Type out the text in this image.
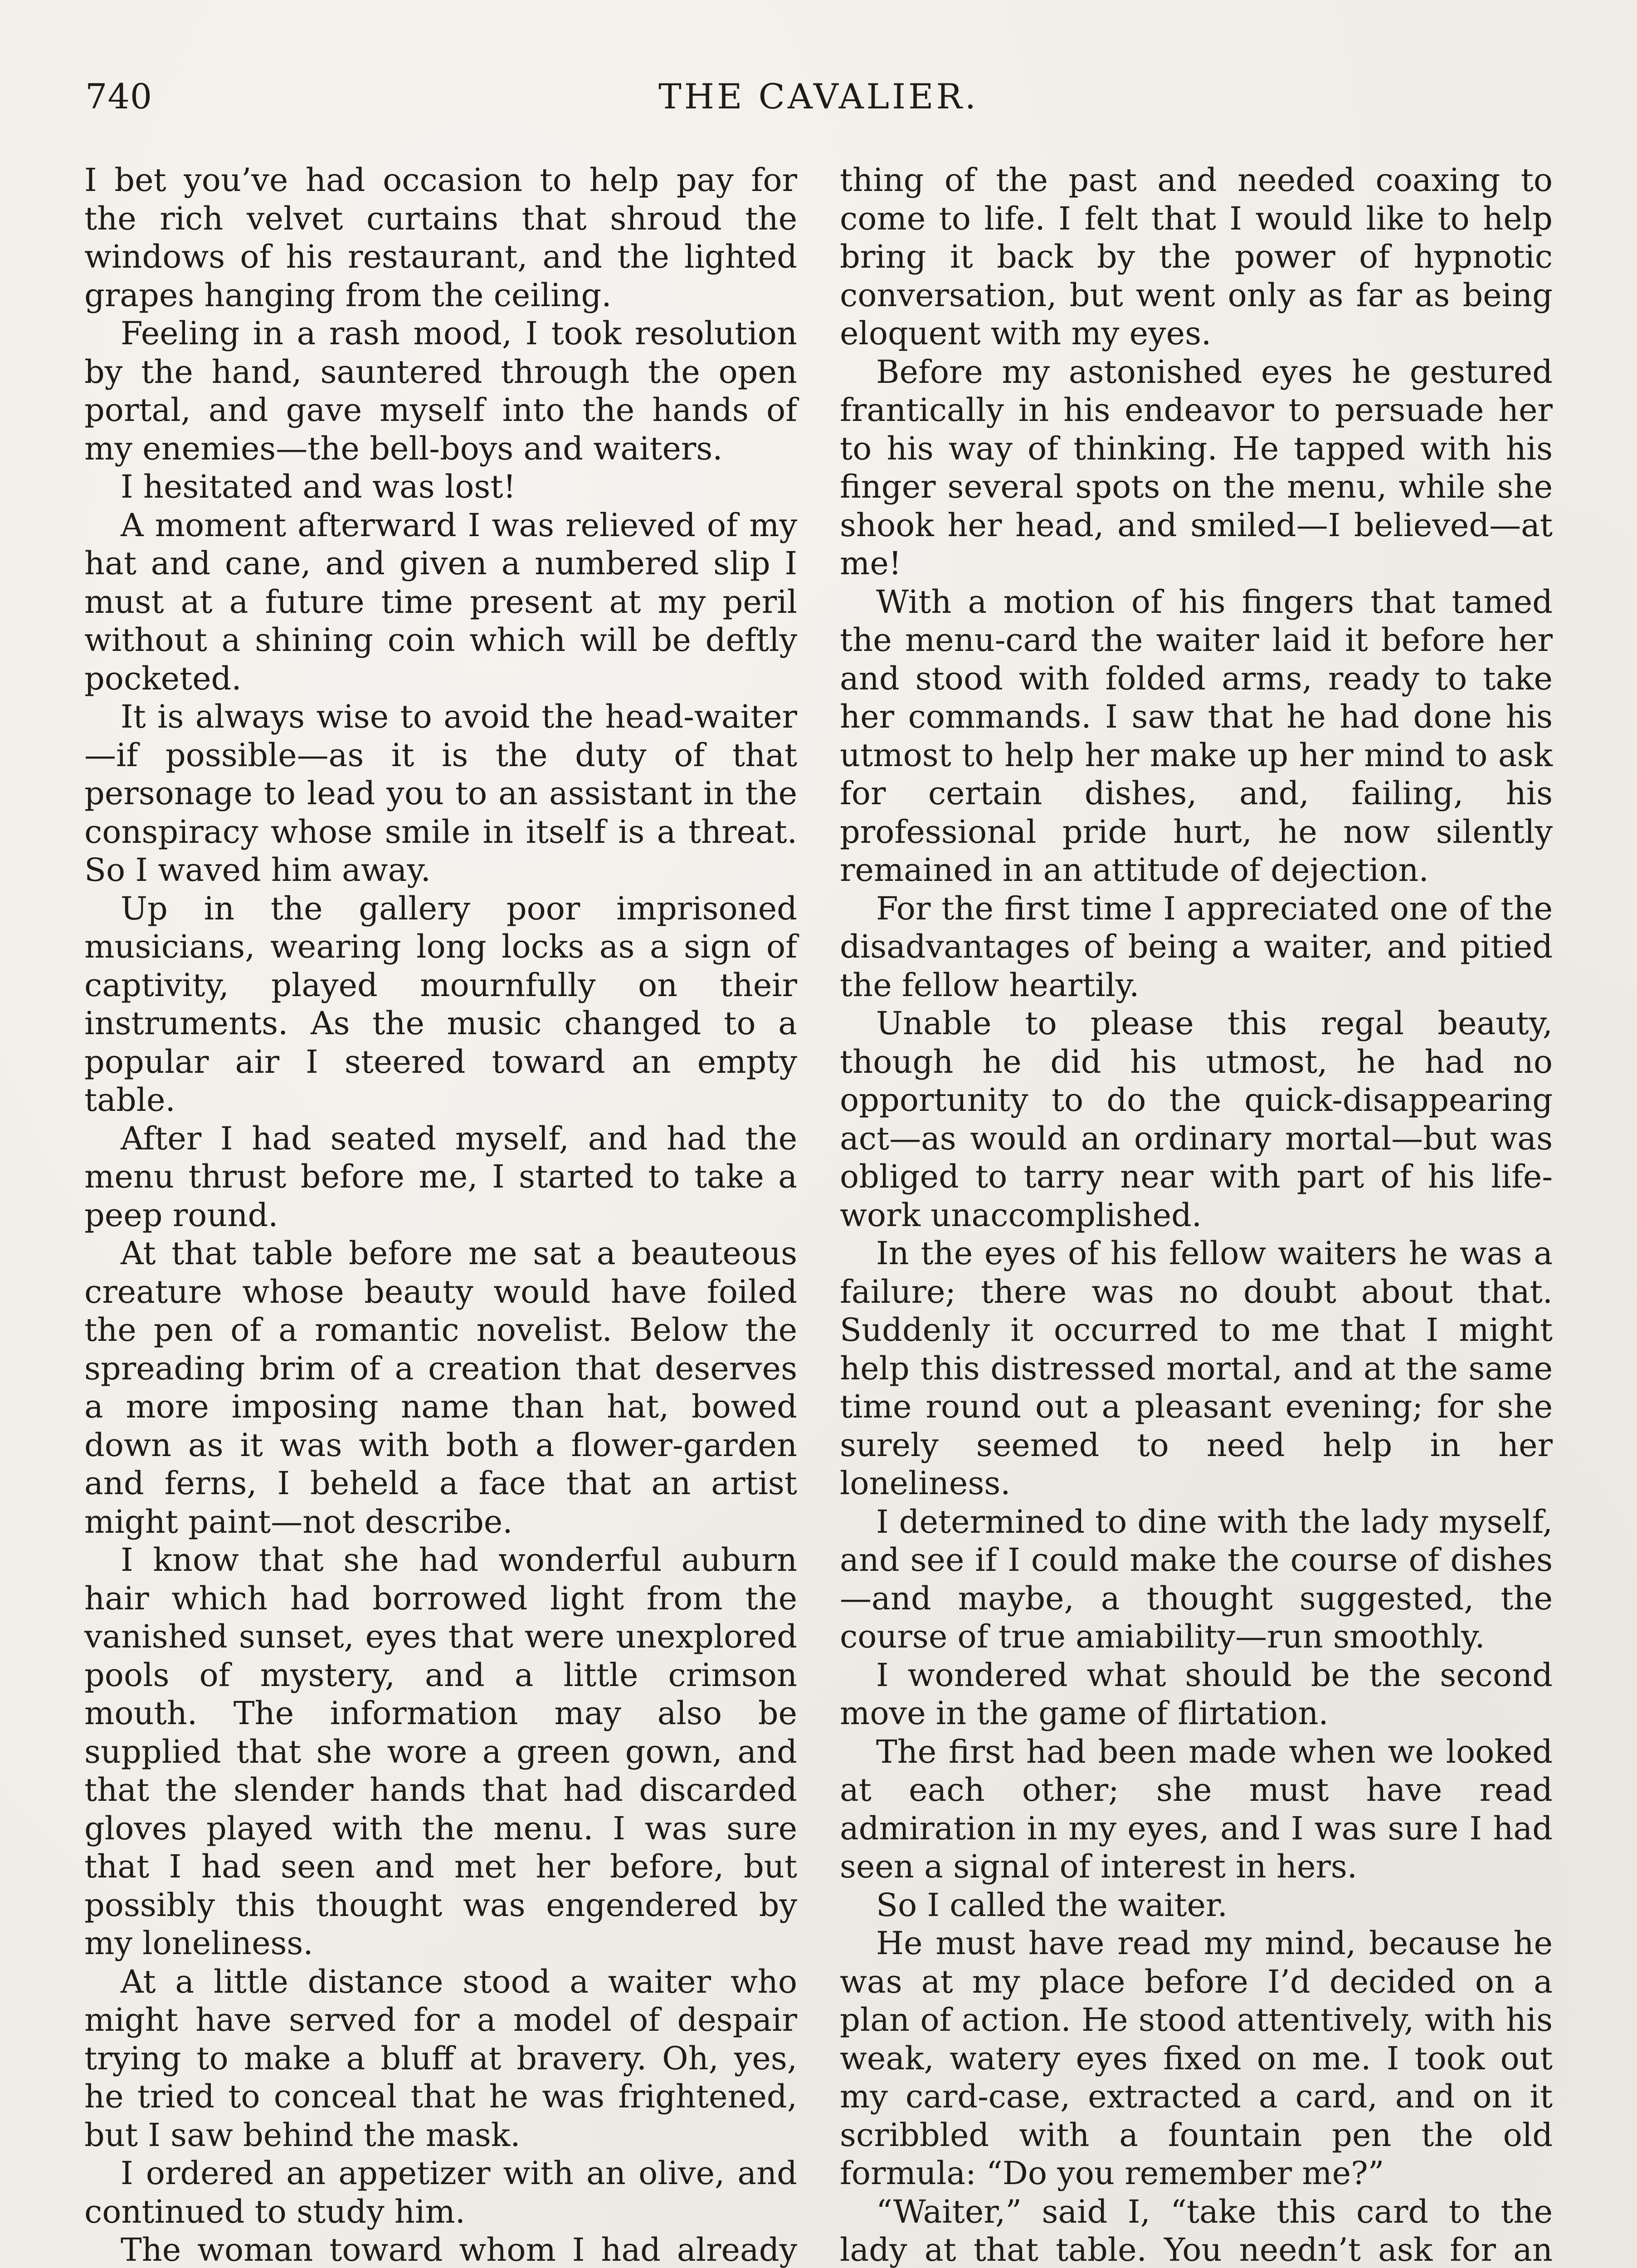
740	THE CAVALIER.

I bet you’ve had occasion to help pay for the rich velvet curtains that shroud the windows of his restaurant, and the lighted grapes hanging from the ceiling.

Feeling in a rash mood, I took resolution by the hand, sauntered through the open portal, and gave myself into the hands of my enemies—the bell-boys and waiters.

I hesitated and was lost!

A moment afterward I was relieved of my hat and cane, and given a numbered slip I must at a future time present at my peril without a shining coin which will be deftly pocketed.

It is always wise to avoid the head-waiter—if possible—as it is the duty of that personage to lead you to an assistant in the conspiracy whose smile in itself is a threat. So I waved him away.

Up in the gallery poor imprisoned musicians, wearing long locks as a sign of captivity, played mournfully on their instruments. As the music changed to a popular air I steered toward an empty table.

After I had seated myself, and had the menu thrust before me, I started to take a peep round.

At that table before me sat a beauteous creature whose beauty would have foiled the pen of a romantic novelist. Below the spreading brim of a creation that deserves a more imposing name than hat, bowed down as it was with both a flower-garden and ferns, I beheld a face that an artist might paint—not describe.

I know that she had wonderful auburn hair which had borrowed light from the vanished sunset, eyes that were unexplored pools of mystery, and a little crimson mouth. The information may also be supplied that she wore a green gown, and that the slender hands that had discarded gloves played with the menu. I was sure that I had seen and met her before, but possibly this thought was engendered by my loneliness.

At a little distance stood a waiter who might have served for a model of despair trying to make a bluff at bravery. Oh, yes, he tried to conceal that he was frightened, but I saw behind the mask.

I ordered an appetizer with an olive, and continued to study him.

The woman toward whom I had already

thing of the past and needed coaxing to come to life. I felt that I would like to help bring it back by the power of hypnotic conversation, but went only as far as being eloquent with my eyes.

Before my astonished eyes he gestured frantically in his endeavor to persuade her to his way of thinking. He tapped with his finger several spots on the menu, while she shook her head, and smiled—I believed—at me!

With a motion of his fingers that tamed the menu-card the waiter laid it before her and stood with folded arms, ready to take her commands. I saw that he had done his utmost to help her make up her mind to ask for certain dishes, and, failing, his professional pride hurt, he now silently remained in an attitude of dejection.

For the first time I appreciated one of the disadvantages of being a waiter, and pitied the fellow heartily.

Unable to please this regal beauty, though he did his utmost, he had no opportunity to do the quick-disappearing act—as would an ordinary mortal—but was obliged to tarry near with part of his life-work unaccomplished.

In the eyes of his fellow waiters he was a failure; there was no doubt about that. Suddenly it occurred to me that I might help this distressed mortal, and at the same time round out a pleasant evening; for she surely seemed to need help in her loneliness.

I determined to dine with the lady myself, and see if I could make the course of dishes—and maybe, a thought suggested, the course of true amiability—run smoothly.

I wondered what should be the second move in the game of flirtation.

The first had been made when we looked at each other; she must have read admiration in my eyes, and I was sure I had seen a signal of interest in hers.

So I called the waiter.

He must have read my mind, because he was at my place before I’d decided on a plan of action. He stood attentively, with his weak, watery eyes fixed on me. I took out my card-case, extracted a card, and on it scribbled with a fountain pen the old formula: “Do you remember me?”

“Waiter,” said I, “take this card to the lady at that table. You needn’t ask for an
